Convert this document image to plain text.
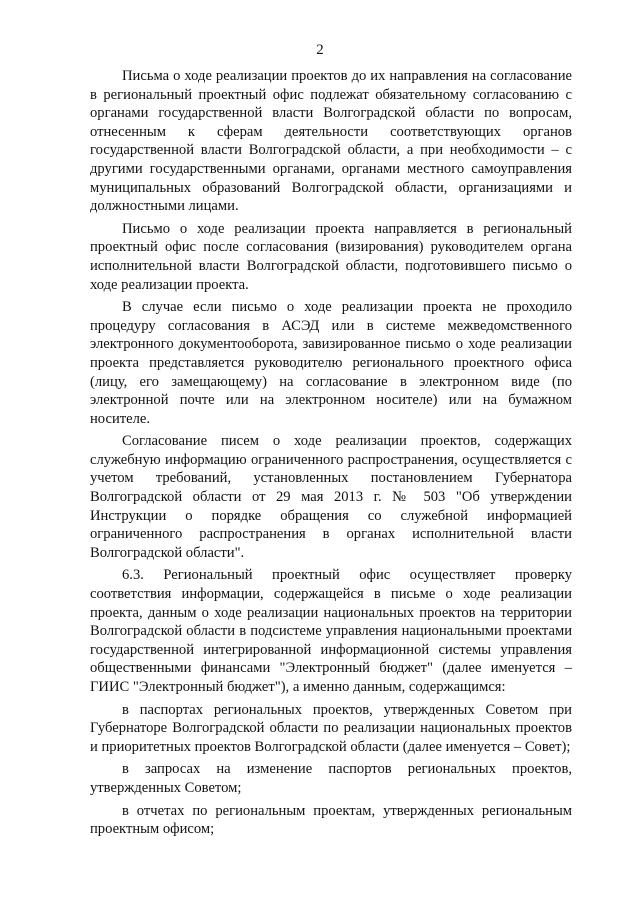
2

Письма о ходе реализации проектов до их направления на согласование в региональный проектный офис подлежат обязательному согласованию с органами государственной власти Волгоградской области по вопросам, отнесенным к сферам деятельности соответствующих органов государственной власти Волгоградской области, а при необходимости – с другими государственными органами, органами местного самоуправления муниципальных образований Волгоградской области, организациями и должностными лицами.

Письмо о ходе реализации проекта направляется в региональный проектный офис после согласования (визирования) руководителем органа исполнительной власти Волгоградской области, подготовившего письмо о ходе реализации проекта.

В случае если письмо о ходе реализации проекта не проходило процедуру согласования в АСЭД или в системе межведомственного электронного документооборота, завизированное письмо о ходе реализации проекта представляется руководителю регионального проектного офиса (лицу, его замещающему) на согласование в электронном виде (по электронной почте или на электронном носителе) или на бумажном носителе.

Согласование писем о ходе реализации проектов, содержащих служебную информацию ограниченного распространения, осуществляется с учетом требований, установленных постановлением Губернатора Волгоградской области от 29 мая 2013 г. № 503 "Об утверждении Инструкции о порядке обращения со служебной информацией ограниченного распространения в органах исполнительной власти Волгоградской области".

6.3. Региональный проектный офис осуществляет проверку соответствия информации, содержащейся в письме о ходе реализации проекта, данным о ходе реализации национальных проектов на территории Волгоградской области в подсистеме управления национальными проектами государственной интегрированной информационной системы управления общественными финансами "Электронный бюджет" (далее именуется – ГИИС "Электронный бюджет"), а именно данным, содержащимся:

в паспортах региональных проектов, утвержденных Советом при Губернаторе Волгоградской области по реализации национальных проектов и приоритетных проектов Волгоградской области (далее именуется – Совет);

в запросах на изменение паспортов региональных проектов, утвержденных Советом;

в отчетах по региональным проектам, утвержденных региональным проектным офисом;
